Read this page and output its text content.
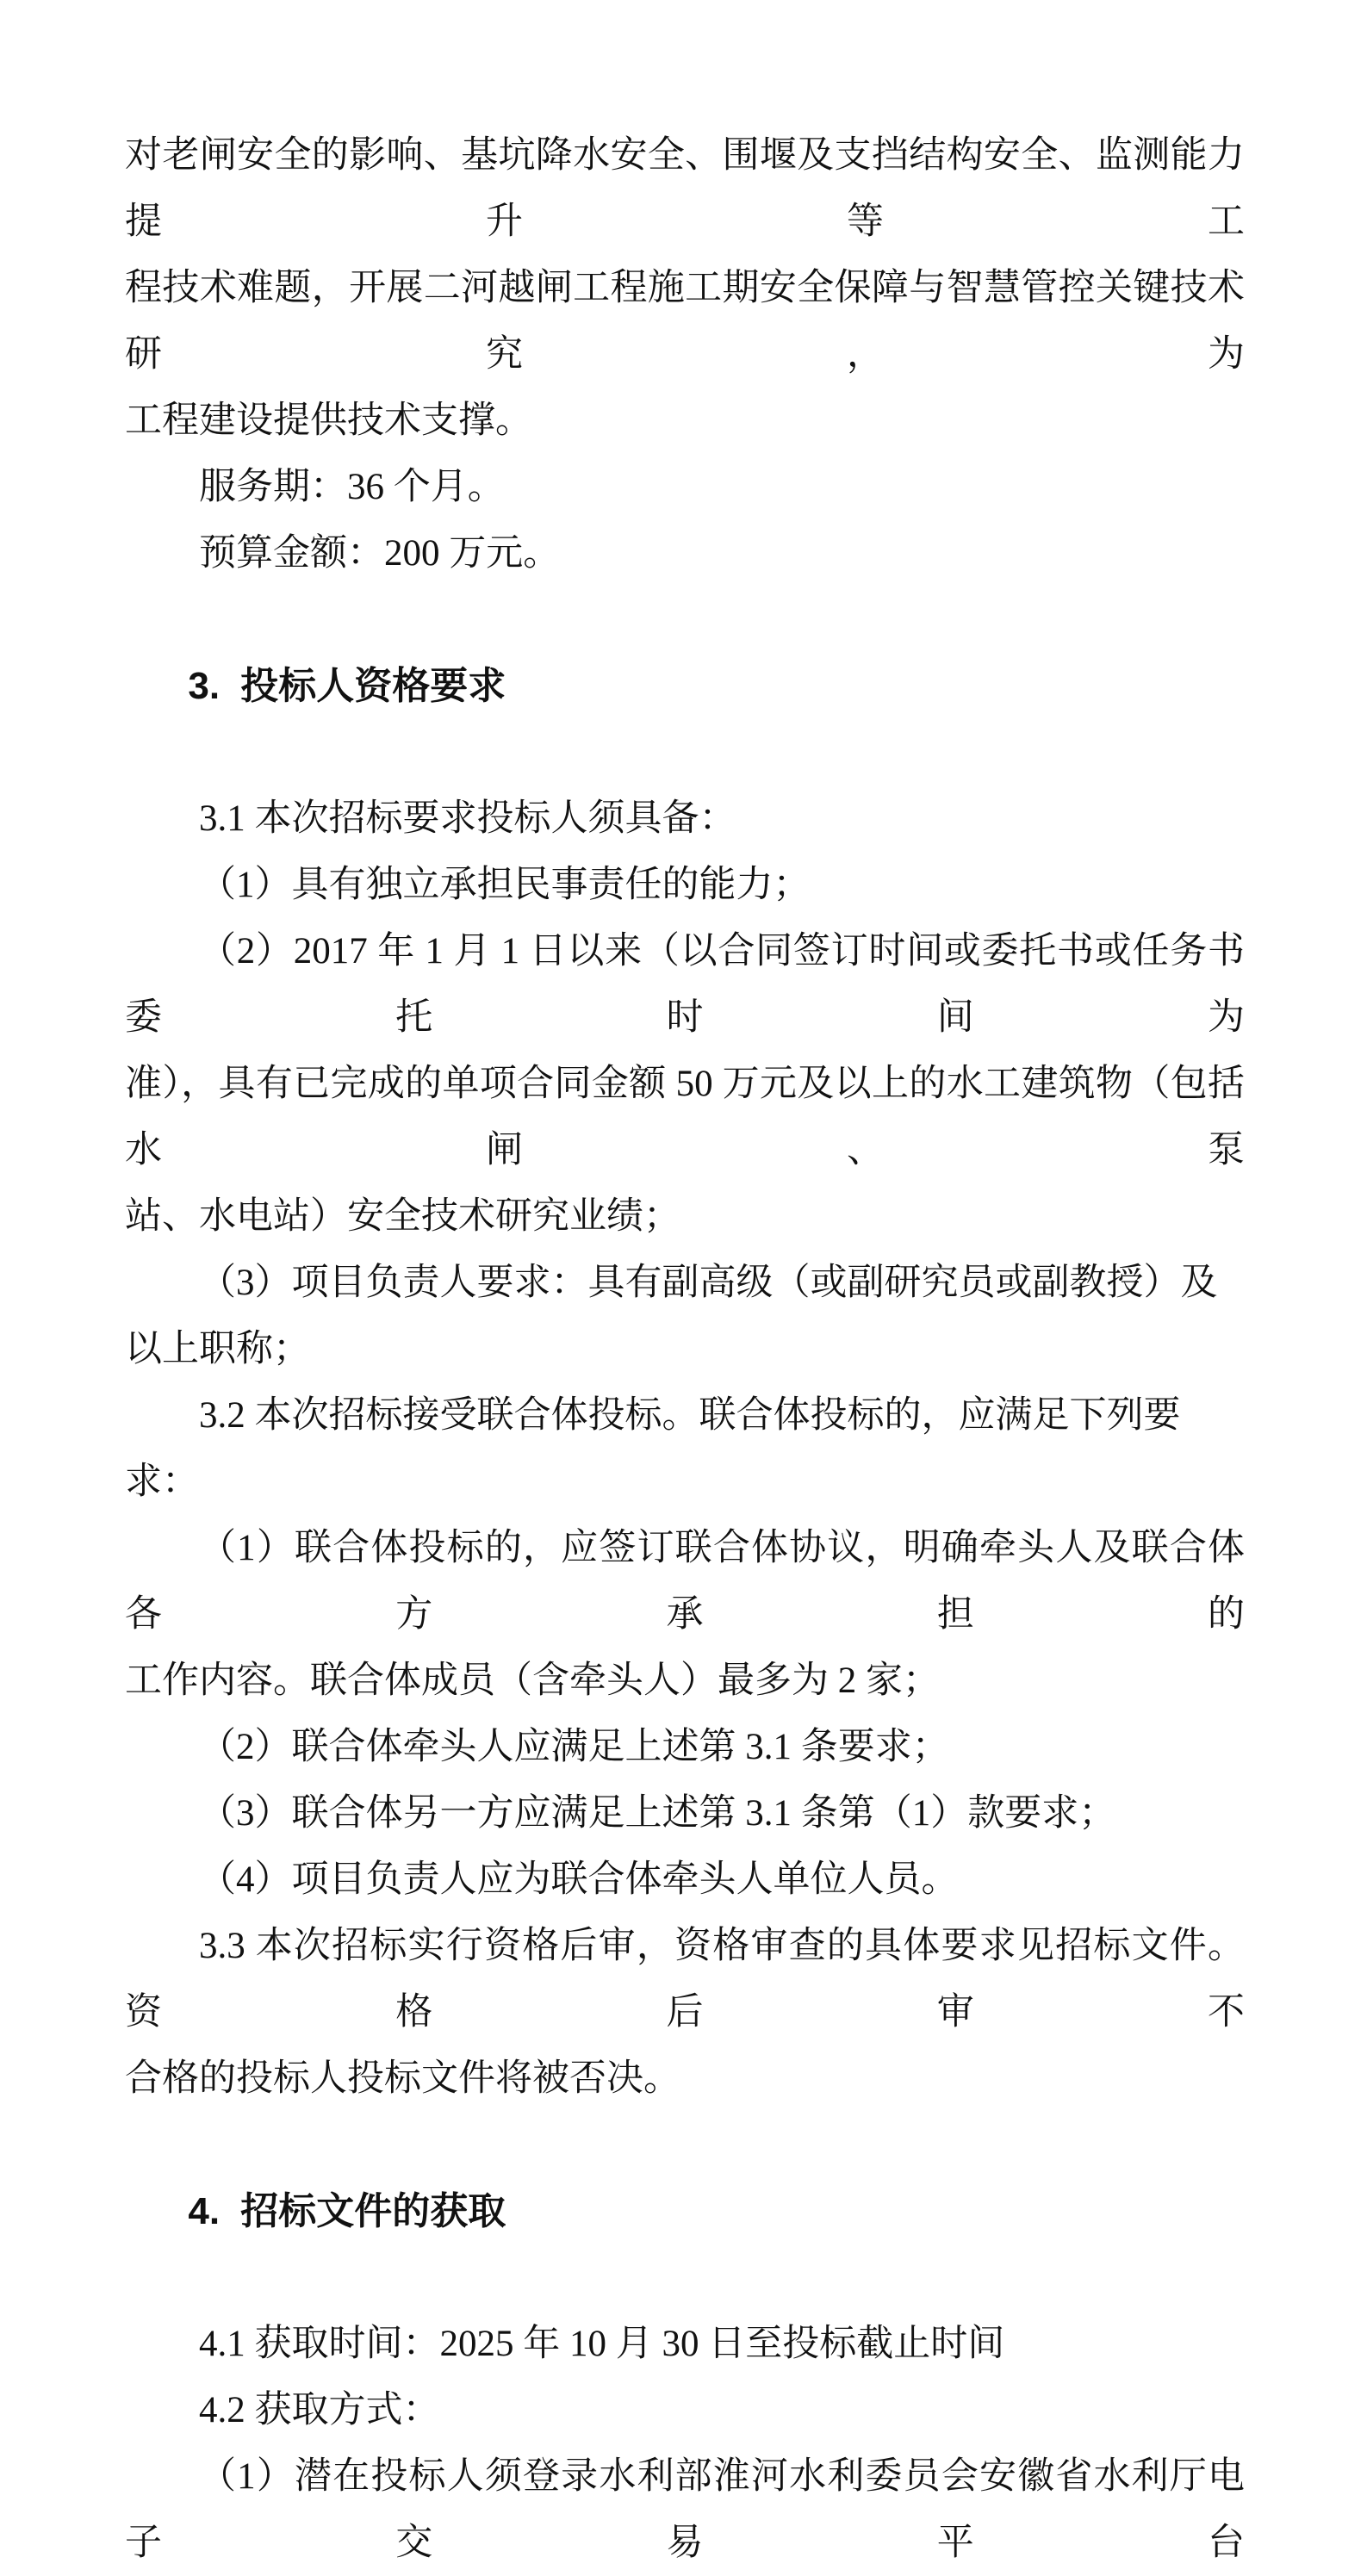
对老闸安全的影响、基坑降水安全、围堰及支挡结构安全、监测能力提升等工
程技术难题，开展二河越闸工程施工期安全保障与智慧管控关键技术研究，为
工程建设提供技术支撑。
服务期：36 个月。
预算金额：200 万元。

3. 投标人资格要求

3.1 本次招标要求投标人须具备：
（1）具有独立承担民事责任的能力；
（2）2017 年 1 月 1 日以来（以合同签订时间或委托书或任务书委托时间为
准），具有已完成的单项合同金额 50 万元及以上的水工建筑物（包括水闸、泵
站、水电站）安全技术研究业绩；
（3）项目负责人要求：具有副高级（或副研究员或副教授）及以上职称；
3.2 本次招标接受联合体投标。联合体投标的，应满足下列要求：
（1）联合体投标的，应签订联合体协议，明确牵头人及联合体各方承担的
工作内容。联合体成员（含牵头人）最多为 2 家；
（2）联合体牵头人应满足上述第 3.1 条要求；
（3）联合体另一方应满足上述第 3.1 条第（1）款要求；
（4）项目负责人应为联合体牵头人单位人员。
3.3 本次招标实行资格后审，资格审查的具体要求见招标文件。资格后审不
合格的投标人投标文件将被否决。

4. 招标文件的获取

4.1 获取时间：2025 年 10 月 30 日至投标截止时间
4.2 获取方式：
（1）潜在投标人须登录水利部淮河水利委员会安徽省水利厅电子交易平台
